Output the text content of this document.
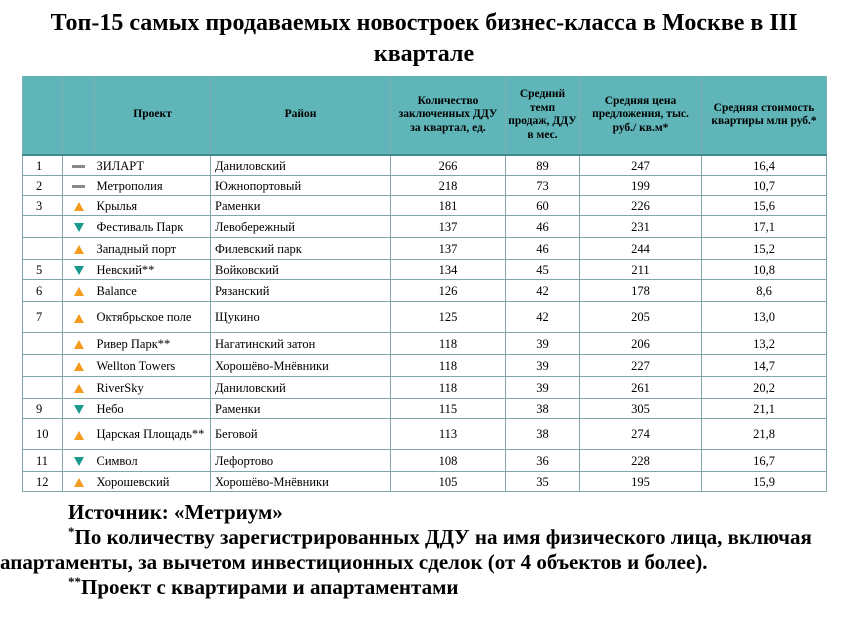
Топ-15 самых продаваемых новостроек бизнес-класса в Москве в III квартале
		Проект	Район	Количество заключенных ДДУ за квартал, ед.	Средний темп продаж, ДДУ в мес.	Средняя цена предложения, тыс. руб./ кв.м*	Средняя стоимость квартиры млн руб.*
1		ЗИЛАРТ	Даниловский	266	89	247	16,4
2		Метрополия	Южнопортовый	218	73	199	10,7
3		Крылья	Раменки	181	60	226	15,6
		Фестиваль Парк	Левобережный	137	46	231	17,1
		Западный порт	Филевский парк	137	46	244	15,2
5		Невский**	Войковский	134	45	211	10,8
6		Balance	Рязанский	126	42	178	8,6
7		Октябрьское поле	Щукино	125	42	205	13,0
		Ривер Парк**	Нагатинский затон	118	39	206	13,2
		Wellton Towers	Хорошёво-Мнёвники	118	39	227	14,7
		RiverSky	Даниловский	118	39	261	20,2
9		Небо	Раменки	115	38	305	21,1
10		Царская Площадь**	Беговой	113	38	274	21,8
11		Символ	Лефортово	108	36	228	16,7
12		Хорошевский	Хорошёво-Мнёвники	105	35	195	15,9
Источник: «Метриум»
*По количеству зарегистрированных ДДУ на имя физического лица, включая апартаменты, за вычетом инвестиционных сделок (от 4 объектов и более).
**Проект с квартирами и апартаментами
